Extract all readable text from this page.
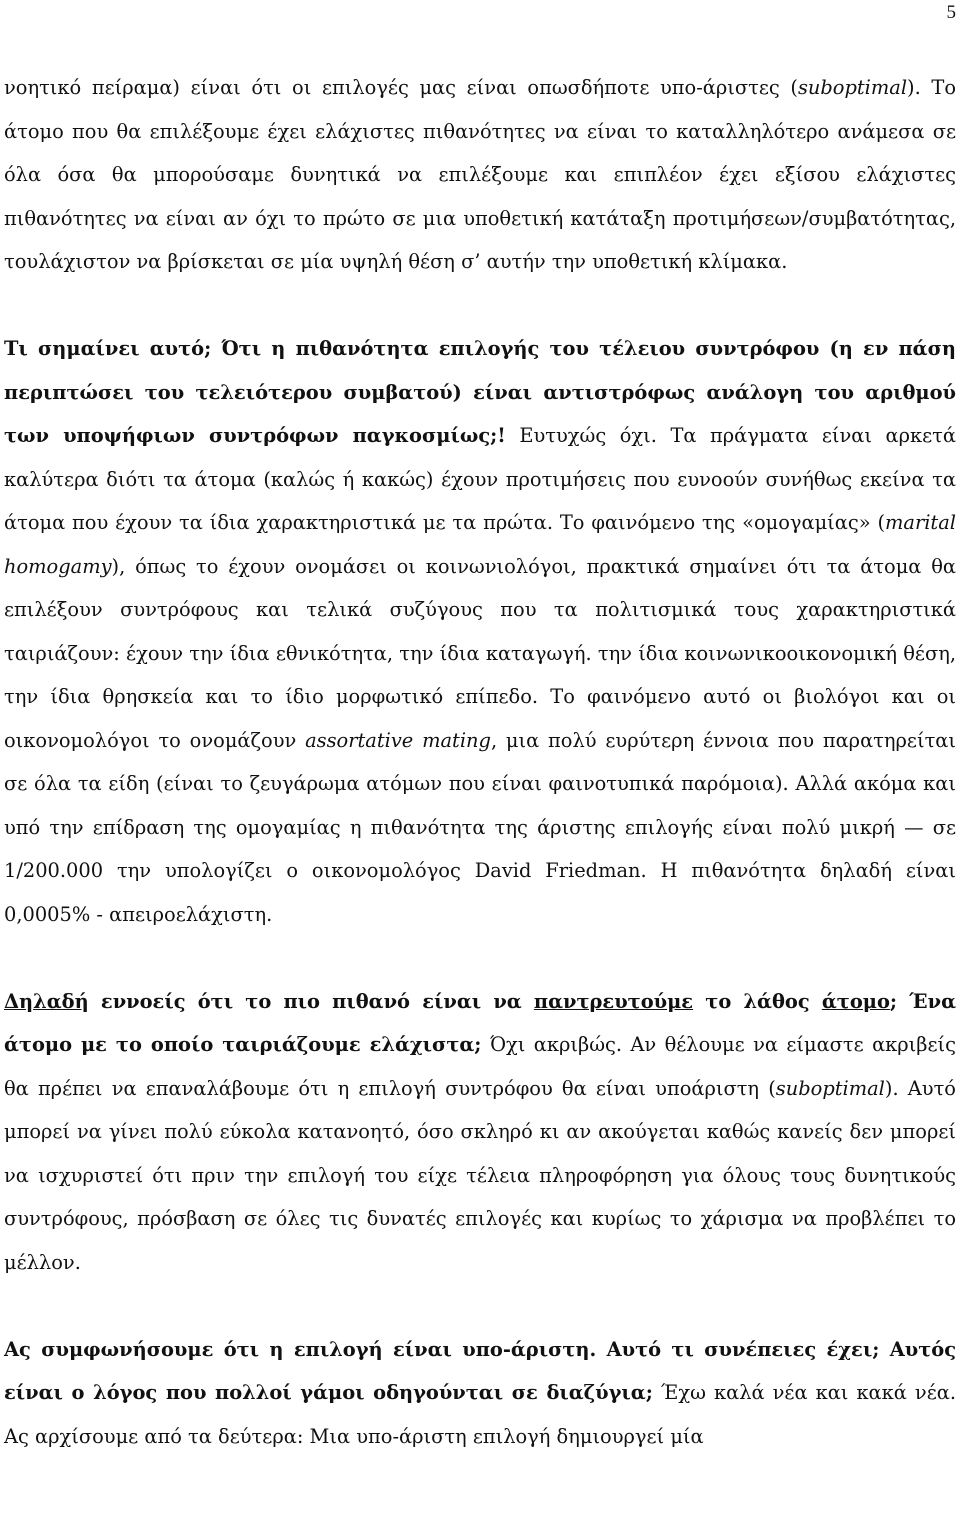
5

νοητικό πείραμα) είναι ότι οι επιλογές μας είναι οπωσδήποτε υπο-άριστες (suboptimal). Το άτομο που θα επιλέξουμε έχει ελάχιστες πιθανότητες να είναι το καταλληλότερο ανάμεσα σε όλα όσα θα μπορούσαμε δυνητικά να επιλέξουμε και επιπλέον έχει εξίσου ελάχιστες πιθανότητες να είναι αν όχι το πρώτο σε μια υποθετική κατάταξη προτιμήσεων/συμβατότητας, τουλάχιστον να βρίσκεται σε μία υψηλή θέση σ’ αυτήν την υποθετική κλίμακα.

Τι σημαίνει αυτό; Ότι η πιθανότητα επιλογής του τέλειου συντρόφου (η εν πάση περιπτώσει του τελειότερου συμβατού) είναι αντιστρόφως ανάλογη του αριθμού των υποψήφιων συντρόφων παγκοσμίως;! Ευτυχώς όχι. Τα πράγματα είναι αρκετά καλύτερα διότι τα άτομα (καλώς ή κακώς) έχουν προτιμήσεις που ευνοούν συνήθως εκείνα τα άτομα που έχουν τα ίδια χαρακτηριστικά με τα πρώτα. Το φαινόμενο της «ομογαμίας» (marital homogamy), όπως το έχουν ονομάσει οι κοινωνιολόγοι, πρακτικά σημαίνει ότι τα άτομα θα επιλέξουν συντρόφους και τελικά συζύγους που τα πολιτισμικά τους χαρακτηριστικά ταιριάζουν: έχουν την ίδια εθνικότητα, την ίδια καταγωγή. την ίδια κοινωνικοοικονομική θέση, την ίδια θρησκεία και το ίδιο μορφωτικό επίπεδο. Το φαινόμενο αυτό οι βιολόγοι και οι οικονομολόγοι το ονομάζουν assortative mating, μια πολύ ευρύτερη έννοια που παρατηρείται σε όλα τα είδη (είναι το ζευγάρωμα ατόμων που είναι φαινοτυπικά παρόμοια). Αλλά ακόμα και υπό την επίδραση της ομογαμίας η πιθανότητα της άριστης επιλογής είναι πολύ μικρή — σε 1/200.000 την υπολογίζει ο οικονομολόγος David Friedman. Η πιθανότητα δηλαδή είναι 0,0005% - απειροελάχιστη.

Δηλαδή εννοείς ότι το πιο πιθανό είναι να παντρευτούμε το λάθος άτομο; Ένα άτομο με το οποίο ταιριάζουμε ελάχιστα; Όχι ακριβώς. Αν θέλουμε να είμαστε ακριβείς θα πρέπει να επαναλάβουμε ότι η επιλογή συντρόφου θα είναι υποάριστη (suboptimal). Αυτό μπορεί να γίνει πολύ εύκολα κατανοητό, όσο σκληρό κι αν ακούγεται καθώς κανείς δεν μπορεί να ισχυριστεί ότι πριν την επιλογή του είχε τέλεια πληροφόρηση για όλους τους δυνητικούς συντρόφους, πρόσβαση σε όλες τις δυνατές επιλογές και κυρίως το χάρισμα να προβλέπει το μέλλον.

Ας συμφωνήσουμε ότι η επιλογή είναι υπο-άριστη. Αυτό τι συνέπειες έχει; Αυτός είναι ο λόγος που πολλοί γάμοι οδηγούνται σε διαζύγια; Έχω καλά νέα και κακά νέα. Ας αρχίσουμε από τα δεύτερα: Μια υπο-άριστη επιλογή δημιουργεί μία
